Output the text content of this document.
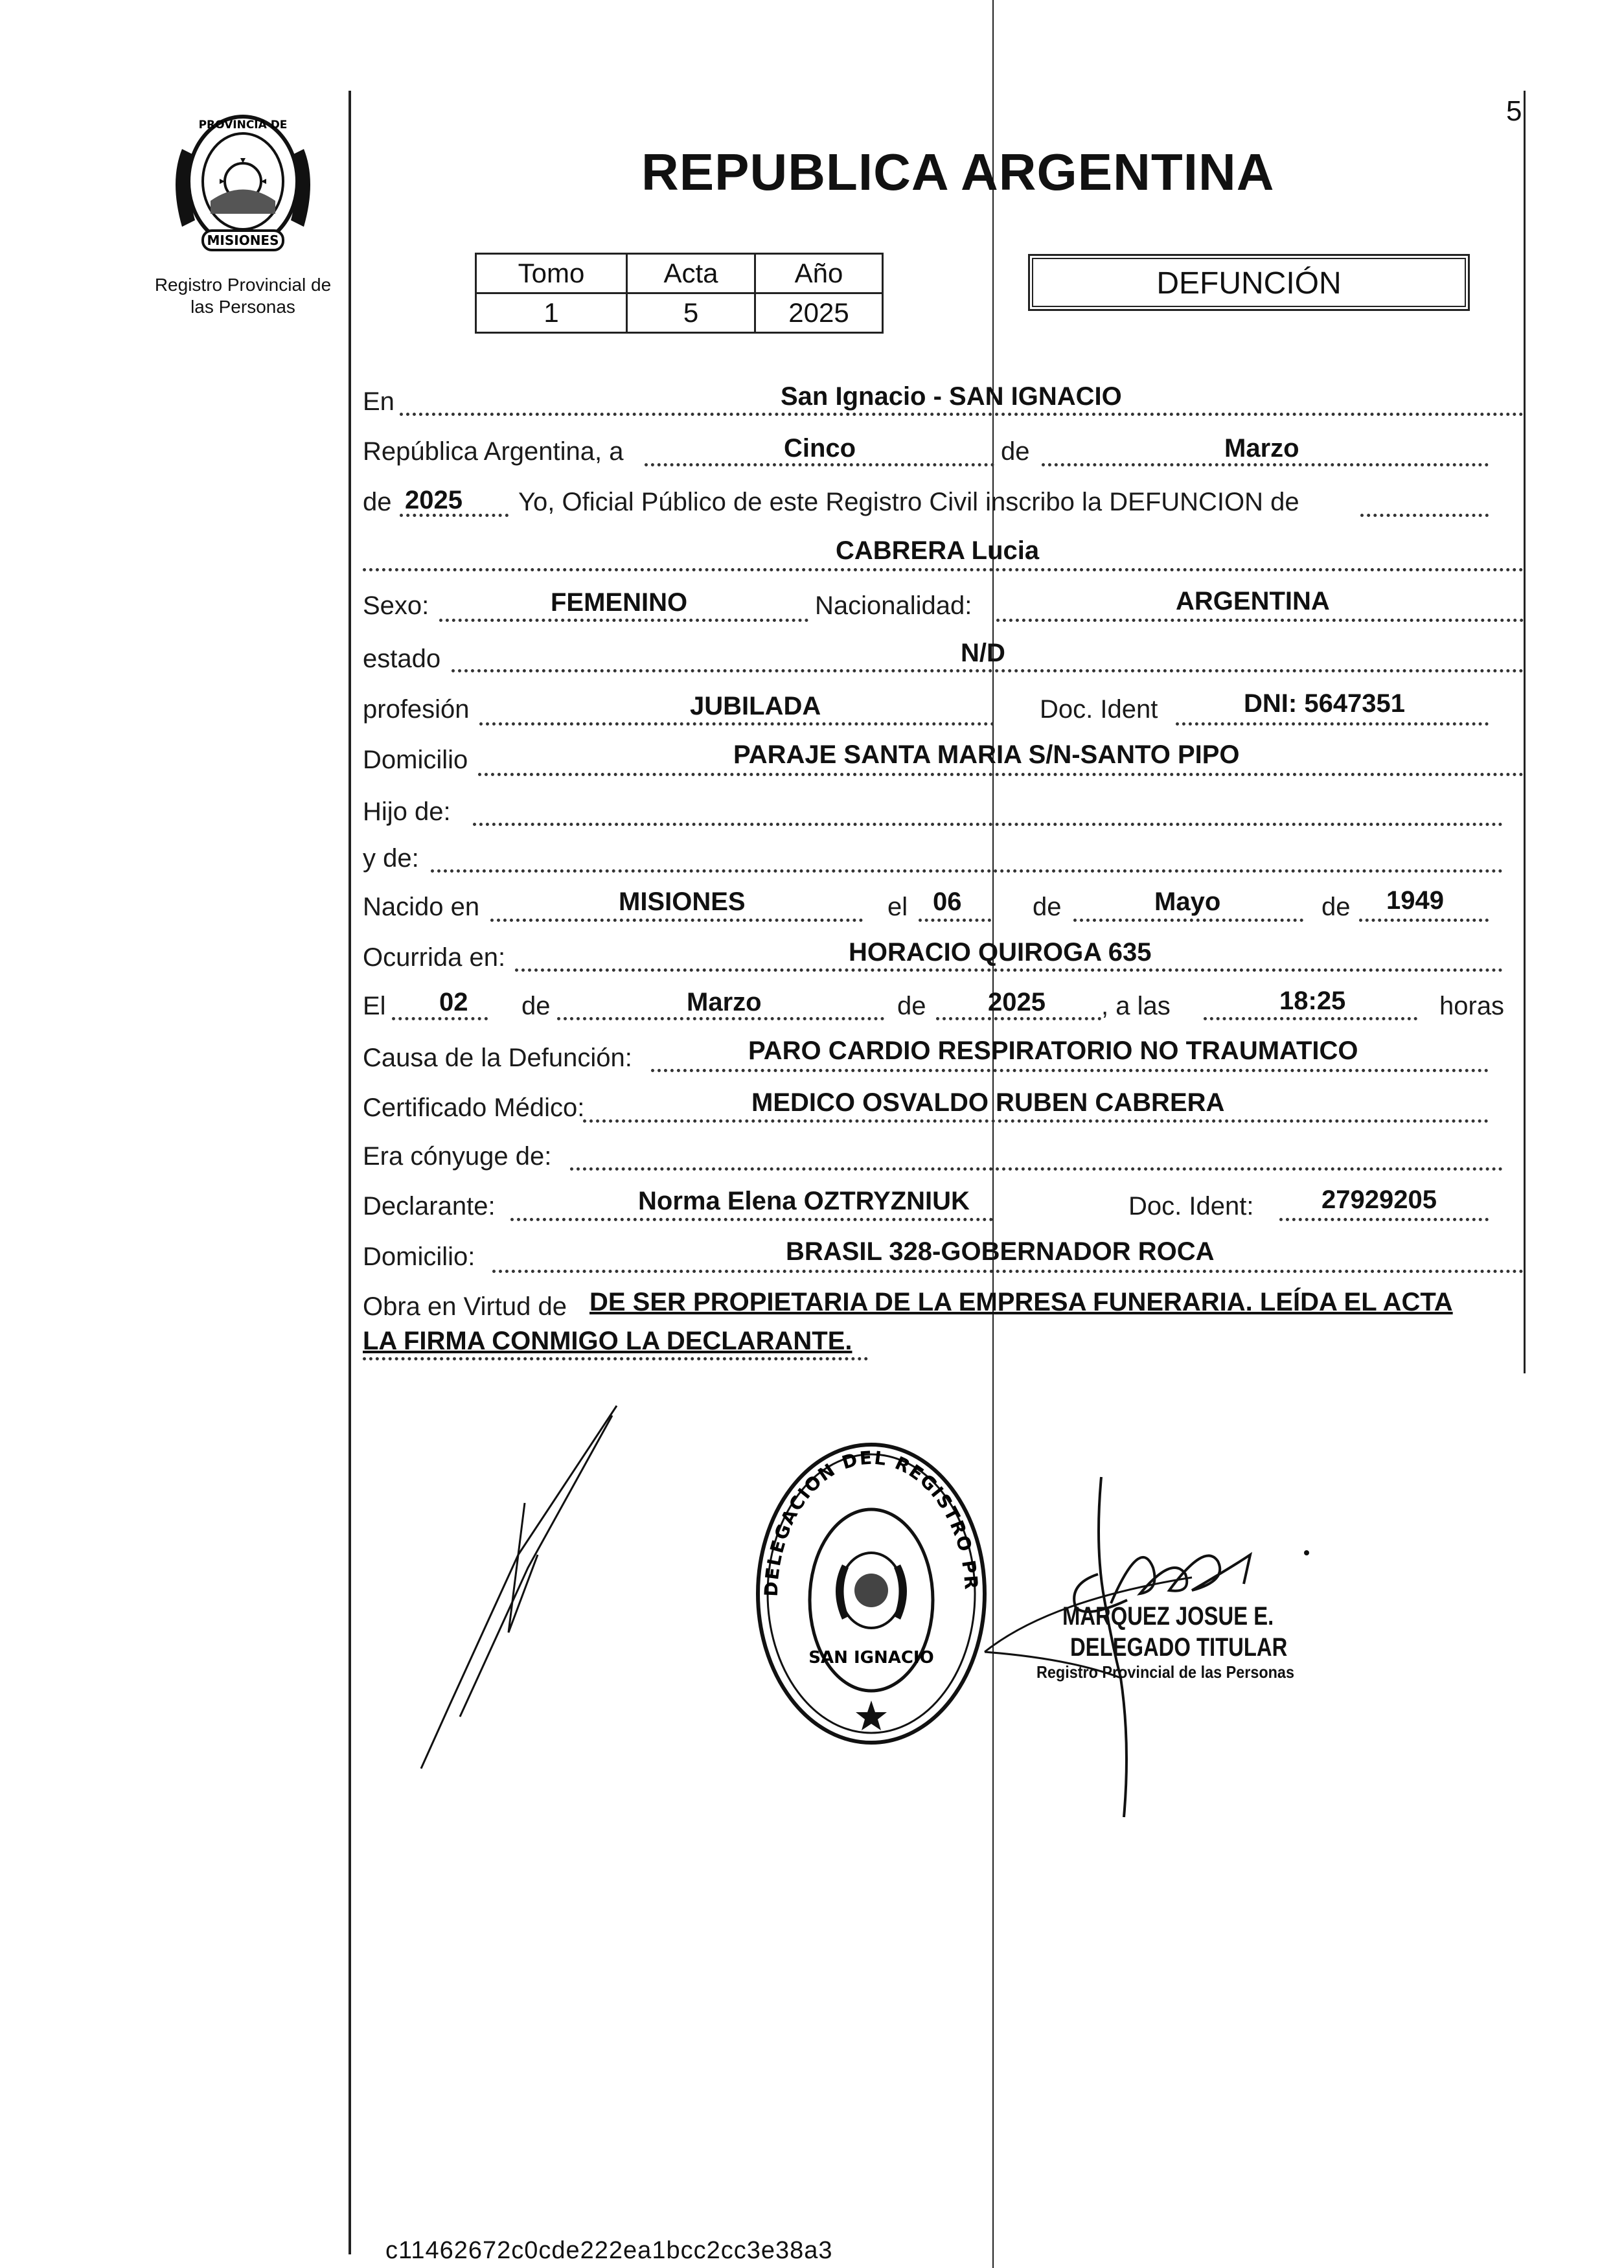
5
PROVINCIA DE
MISIONES
Registro Provincial de las Personas
REPUBLICA ARGENTINA
Tomo	Acta	Año
1	5	2025
DEFUNCIÓN
En	San Ignacio - SAN IGNACIO
República Argentina, a	Cinco	de	Marzo
de 2025 Yo, Oficial Público de este Registro Civil inscribo la DEFUNCION de
CABRERA Lucia
Sexo:	FEMENINO	Nacionalidad:	ARGENTINA
estado	N/D
profesión	JUBILADA	Doc. Ident	DNI: 5647351
Domicilio	PARAJE SANTA MARIA S/N-SANTO PIPO
Hijo de:
y de:
Nacido en	MISIONES	el 06	de	Mayo	de 1949
Ocurrida en:	HORACIO QUIROGA 635
El 02 de	Marzo	de 2025 , a las	18:25	horas
Causa de la Defunción:	PARO CARDIO RESPIRATORIO NO TRAUMATICO
Certificado Médico:	MEDICO OSVALDO RUBEN CABRERA
Era cónyuge de:
Declarante:	Norma Elena OZTRYZNIUK	Doc. Ident:	27929205
Domicilio:	BRASIL 328-GOBERNADOR ROCA
Obra en Virtud de DE SER PROPIETARIA DE LA EMPRESA FUNERARIA. LEÍDA EL ACTA
LA FIRMA CONMIGO LA DECLARANTE.
DELEGACION DEL REGISTRO PR
SAN IGNACIO
MARQUEZ JOSUE E.
DELEGADO TITULAR
Registro Provincial de las Personas
c11462672c0cde222ea1bcc2cc3e38a3
